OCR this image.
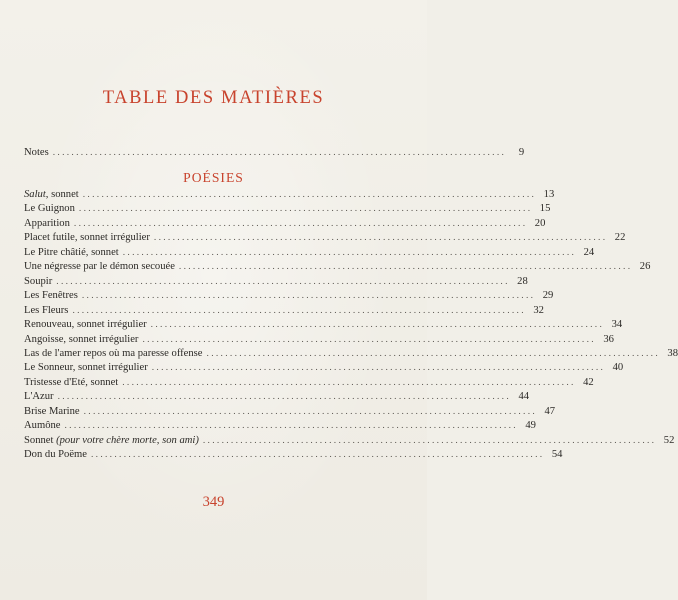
TABLE DES MATIÈRES
Notes .................................................................................................	9
POÉSIES
Salut, sonnet ................................................................................................. 13
Le Guignon ................................................................................................. 15
Apparition ................................................................................................. 20
Placet futile, sonnet irrégulier ................................................................................................. 22
Le Pitre châtié, sonnet ................................................................................................. 24
Une négresse par le démon secouée ................................................................................................. 26
Soupir ................................................................................................. 28
Les Fenêtres ................................................................................................. 29
Les Fleurs ................................................................................................. 32
Renouveau, sonnet irrégulier ................................................................................................. 34
Angoisse, sonnet irrégulier ................................................................................................. 36
Las de l'amer repos où ma paresse offense ................................................................................................. 38
Le Sonneur, sonnet irrégulier ................................................................................................. 40
Tristesse d'Eté, sonnet ................................................................................................. 42
L'Azur ................................................................................................. 44
Brise Marine ................................................................................................. 47
Aumône ................................................................................................. 49
Sonnet (pour votre chère morte, son ami) ................................................................................................. 52
Don du Poëme ................................................................................................. 54
349
